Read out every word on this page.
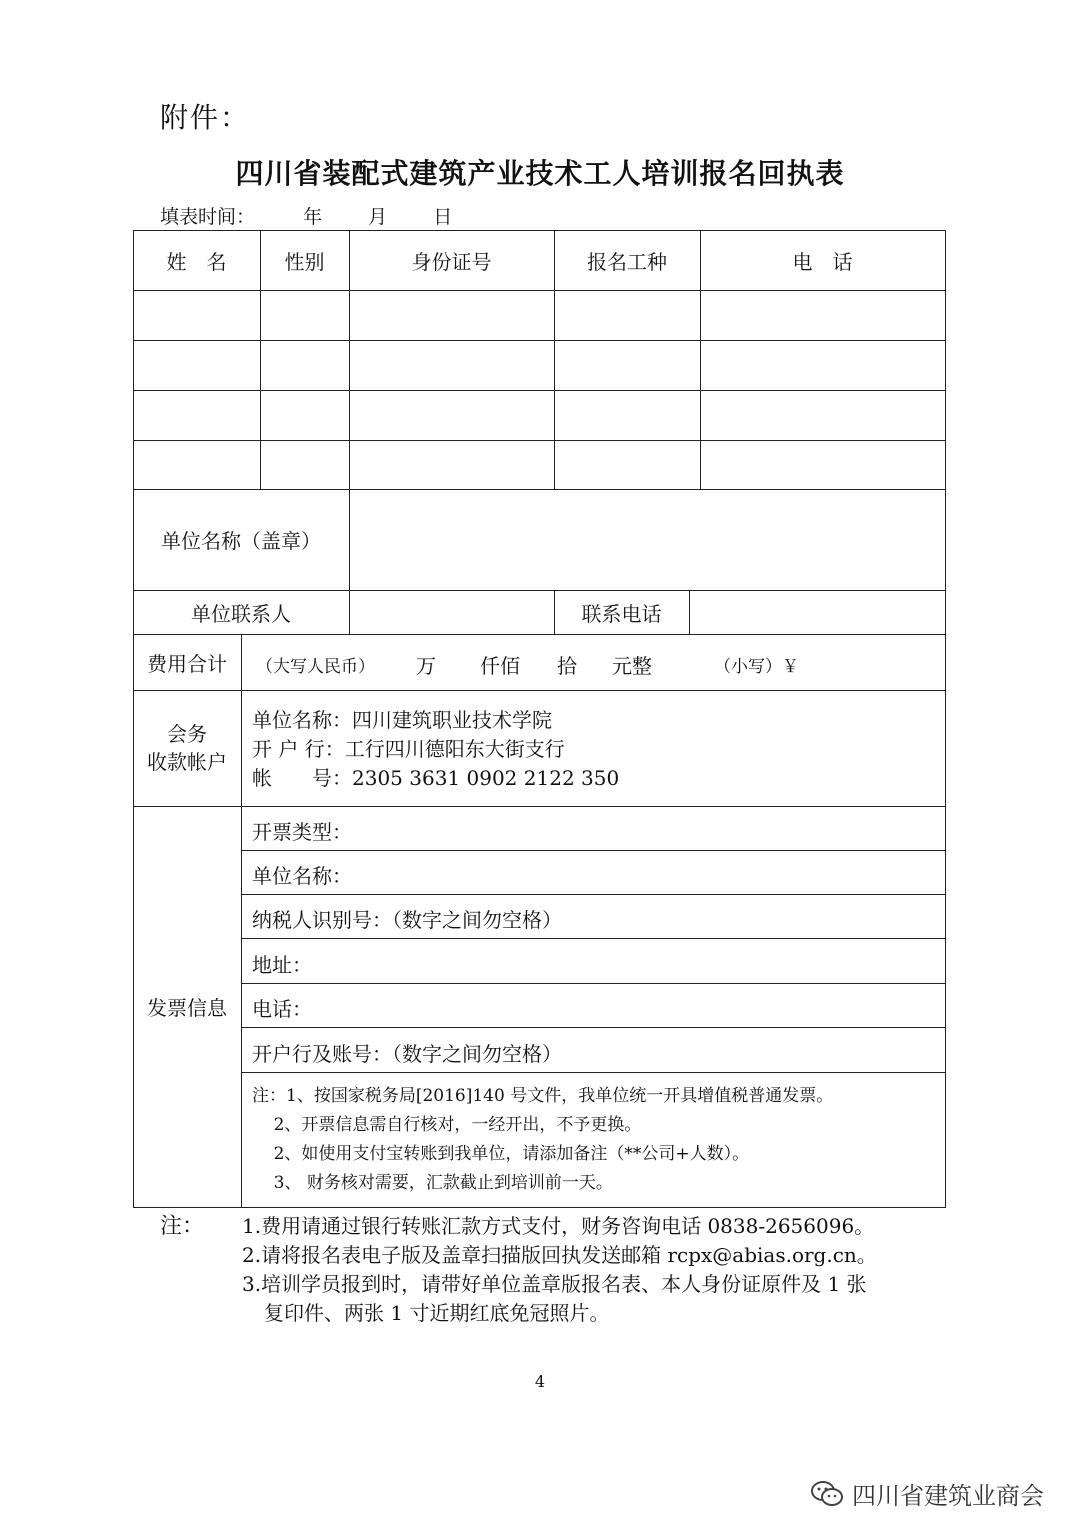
附件：
四川省装配式建筑产业技术工人培训报名回执表
填表时间：	年 月 日
姓　名	性别	身份证号	报名工种	电　话
单位名称（盖章）
单位联系人	联系电话
费用合计	（大写人民币） 万 仟佰 拾 元整	（小写）￥
会务
收款帐户
单位名称：四川建筑职业技术学院
开 户 行：工行四川德阳东大街支行
帐　　号：2305 3631 0902 2122 350
发票信息
开票类型：
单位名称：
纳税人识别号：（数字之间勿空格）
地址：
电话：
开户行及账号：（数字之间勿空格）
注：1、按国家税务局[2016]140 号文件，我单位统一开具增值税普通发票。
2、开票信息需自行核对，一经开出，不予更换。
2、如使用支付宝转账到我单位，请添加备注（**公司+人数）。
3、 财务核对需要，汇款截止到培训前一天。
注： 1.费用请通过银行转账汇款方式支付，财务咨询电话 0838-2656096。
2.请将报名表电子版及盖章扫描版回执发送邮箱 rcpx@abias.org.cn。
3.培训学员报到时，请带好单位盖章版报名表、本人身份证原件及 1 张
复印件、两张 1 寸近期红底免冠照片。
4
四川省建筑业商会
